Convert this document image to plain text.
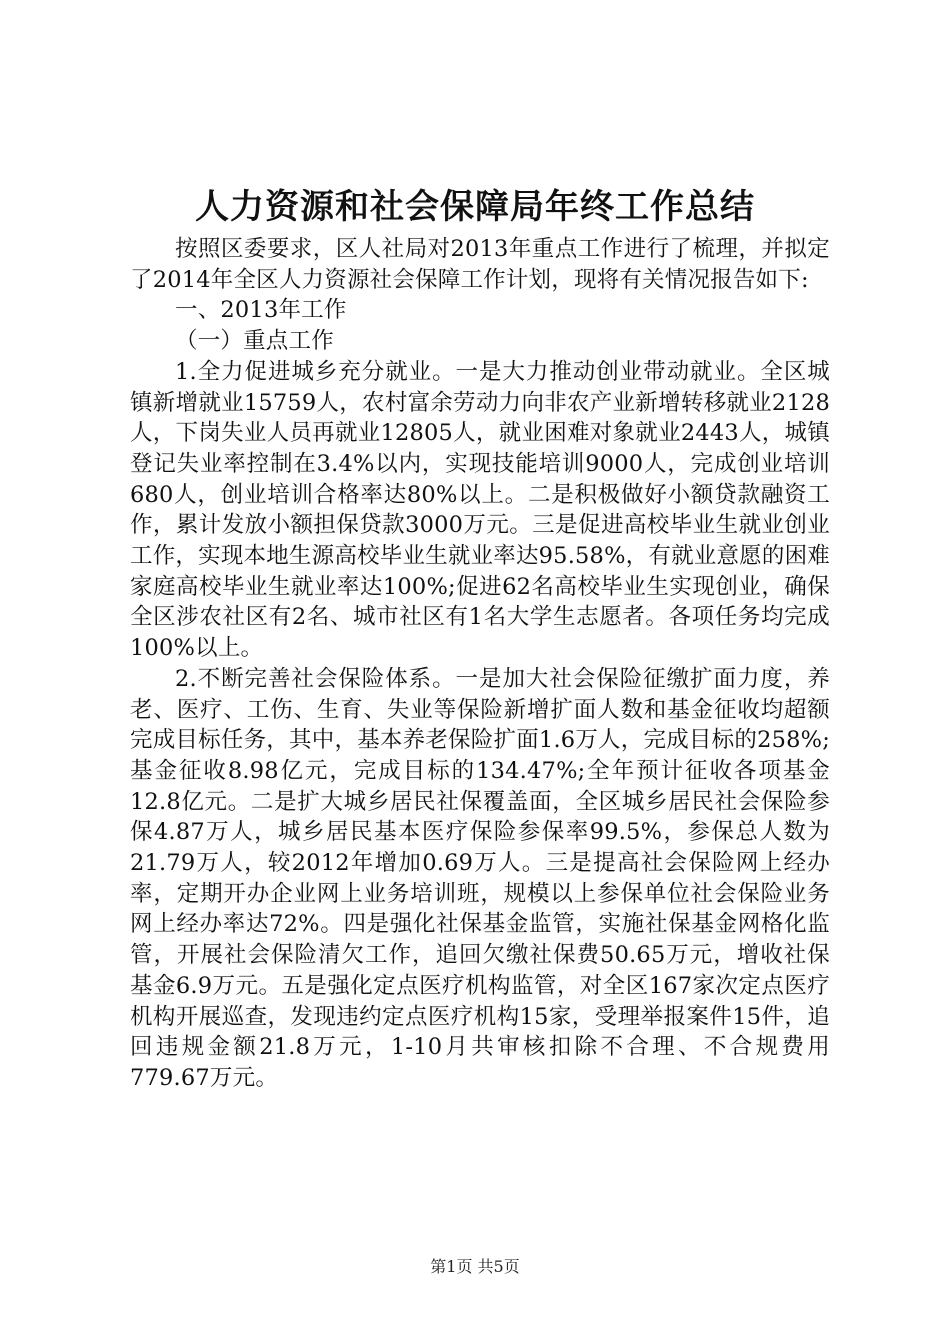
人力资源和社会保障局年终工作总结

按照区委要求，区人社局对2013年重点工作进行了梳理，并拟定了2014年全区人力资源社会保障工作计划，现将有关情况报告如下:

一、2013年工作

（一）重点工作

1.全力促进城乡充分就业。一是大力推动创业带动就业。全区城镇新增就业15759人，农村富余劳动力向非农产业新增转移就业2128人，下岗失业人员再就业12805人，就业困难对象就业2443人，城镇登记失业率控制在3.4%以内，实现技能培训9000人，完成创业培训680人，创业培训合格率达80%以上。二是积极做好小额贷款融资工作，累计发放小额担保贷款3000万元。三是促进高校毕业生就业创业工作，实现本地生源高校毕业生就业率达95.58%，有就业意愿的困难家庭高校毕业生就业率达100%;促进62名高校毕业生实现创业，确保全区涉农社区有2名、城市社区有1名大学生志愿者。各项任务均完成100%以上。

2.不断完善社会保险体系。一是加大社会保险征缴扩面力度，养老、医疗、工伤、生育、失业等保险新增扩面人数和基金征收均超额完成目标任务，其中，基本养老保险扩面1.6万人，完成目标的258%;基金征收8.98亿元，完成目标的134.47%;全年预计征收各项基金12.8亿元。二是扩大城乡居民社保覆盖面，全区城乡居民社会保险参保4.87万人，城乡居民基本医疗保险参保率99.5%，参保总人数为21.79万人，较2012年增加0.69万人。三是提高社会保险网上经办率，定期开办企业网上业务培训班，规模以上参保单位社会保险业务网上经办率达72%。四是强化社保基金监管，实施社保基金网格化监管，开展社会保险清欠工作，追回欠缴社保费50.65万元，增收社保基金6.9万元。五是强化定点医疗机构监管，对全区167家次定点医疗机构开展巡查，发现违约定点医疗机构15家，受理举报案件15件，追回违规金额21.8万元，1-10月共审核扣除不合理、不合规费用779.67万元。

第1页 共5页
